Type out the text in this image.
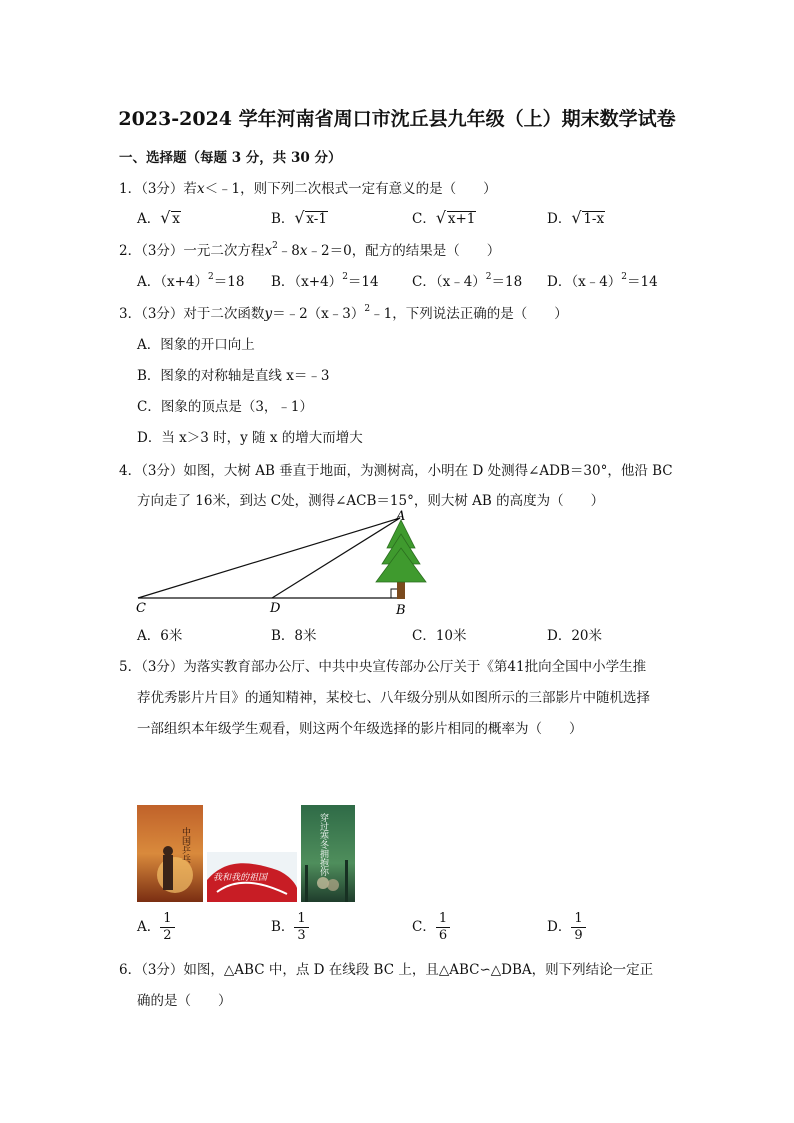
2023-2024 学年河南省周口市沈丘县九年级（上）期末数学试卷
一、选择题（每题 3 分，共 30 分）
1．（3分）若x＜﹣1，则下列二次根式一定有意义的是（　　）
A． √ x	B． √ x-1	C． √ x+1	D． √ 1-x
2．（3分）一元二次方程$x^2﹣8x﹣2=0$，配方的结果是（　　）
A．$(x+4)^2=18$ B．$(x+4)^2=14$ C．（x﹣4）$^2$＝18 D．（x﹣4）$^2$＝14
3．（3分）对于二次函数y＝﹣2（x﹣3）$^2$﹣1，下列说法正确的是（　　）
A．图象的开口向上
B．图象的对称轴是直线 x＝﹣3
C．图象的顶点是（3，﹣1）
D．当 x＞3 时，y 随 x 的增大而增大
4．（3分）如图，大树 AB 垂直于地面，为测树高，小明在 D 处测得∠ADB＝30°，他沿 BC
方向走了 16米，到达 C处，测得∠ACB＝15°，则大树 AB 的高度为（　　）
A
B
C	D
A．6米	B．8米	C．10米	D．20米
5．（3分）为落实教育部办公厅、中共中央宣传部办公厅关于《第41批向全国中小学生推
荐优秀影片片目》的通知精神，某校七、八年级分别从如图所示的三部影片中随机选择
一部组织本年级学生观看，则这两个年级选择的影片相同的概率为（　　）
中国乒乓
我和我的祖国
穿过寒冬拥抱你
A． $\frac{1}{2}$	B． $\frac{1}{3}$	C． $\frac{1}{6}$	D． $\frac{1}{9}$
6．（3分）如图，△ABC 中，点 D 在线段 BC 上，且△ABC∽△DBA，则下列结论一定正
确的是（　　）
